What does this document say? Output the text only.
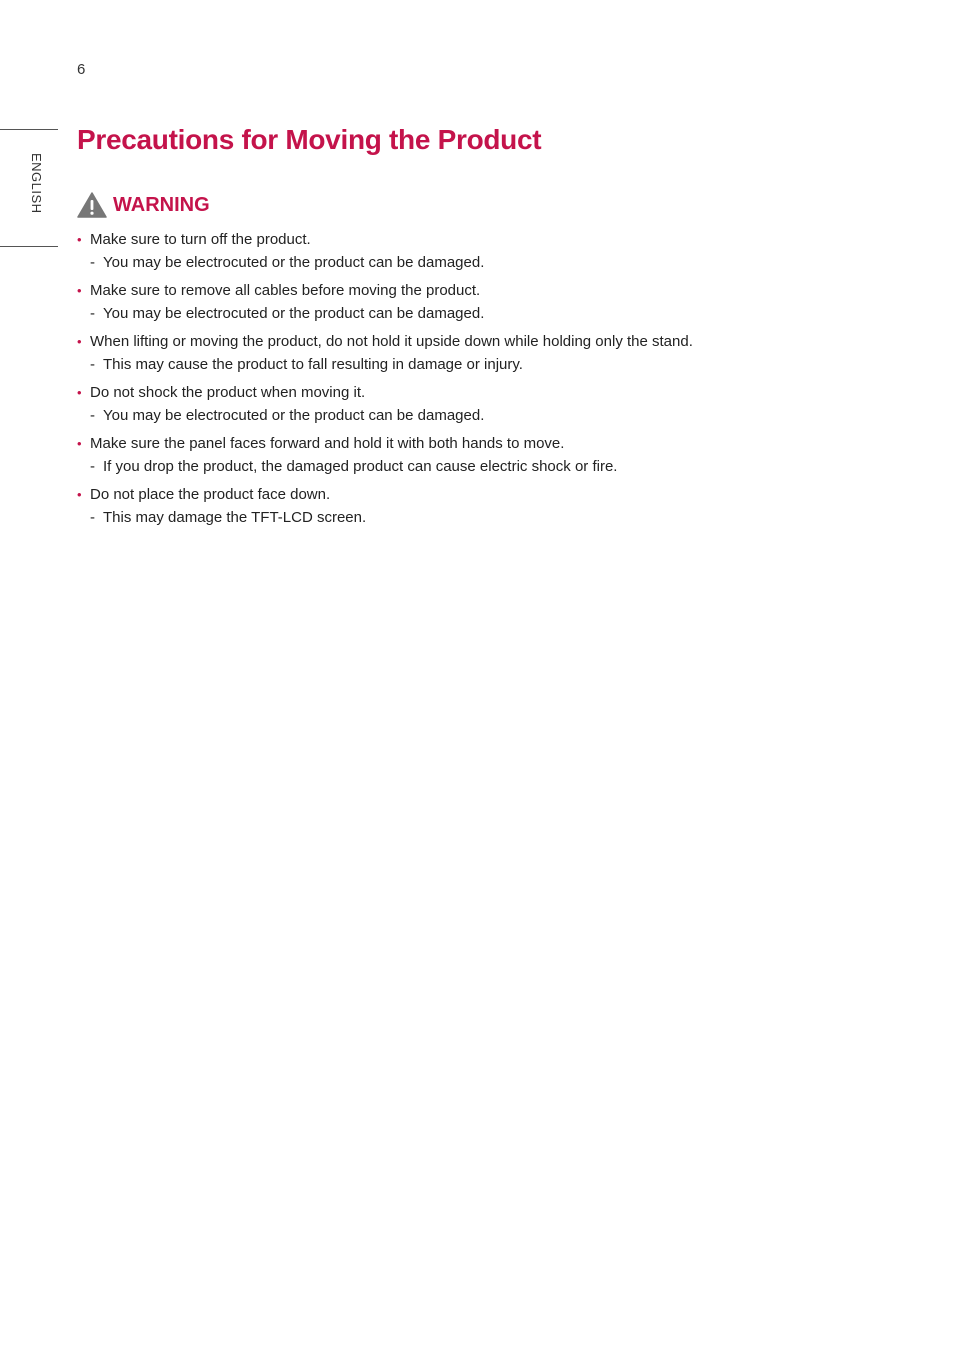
6
ENGLISH
Precautions for Moving the Product
WARNING
• Make sure to turn off the product.
- You may be electrocuted or the product can be damaged.
• Make sure to remove all cables before moving the product.
- You may be electrocuted or the product can be damaged.
• When lifting or moving the product, do not hold it upside down while holding only the stand.
- This may cause the product to fall resulting in damage or injury.
• Do not shock the product when moving it.
- You may be electrocuted or the product can be damaged.
• Make sure the panel faces forward and hold it with both hands to move.
- If you drop the product, the damaged product can cause electric shock or fire.
• Do not place the product face down.
- This may damage the TFT-LCD screen.
